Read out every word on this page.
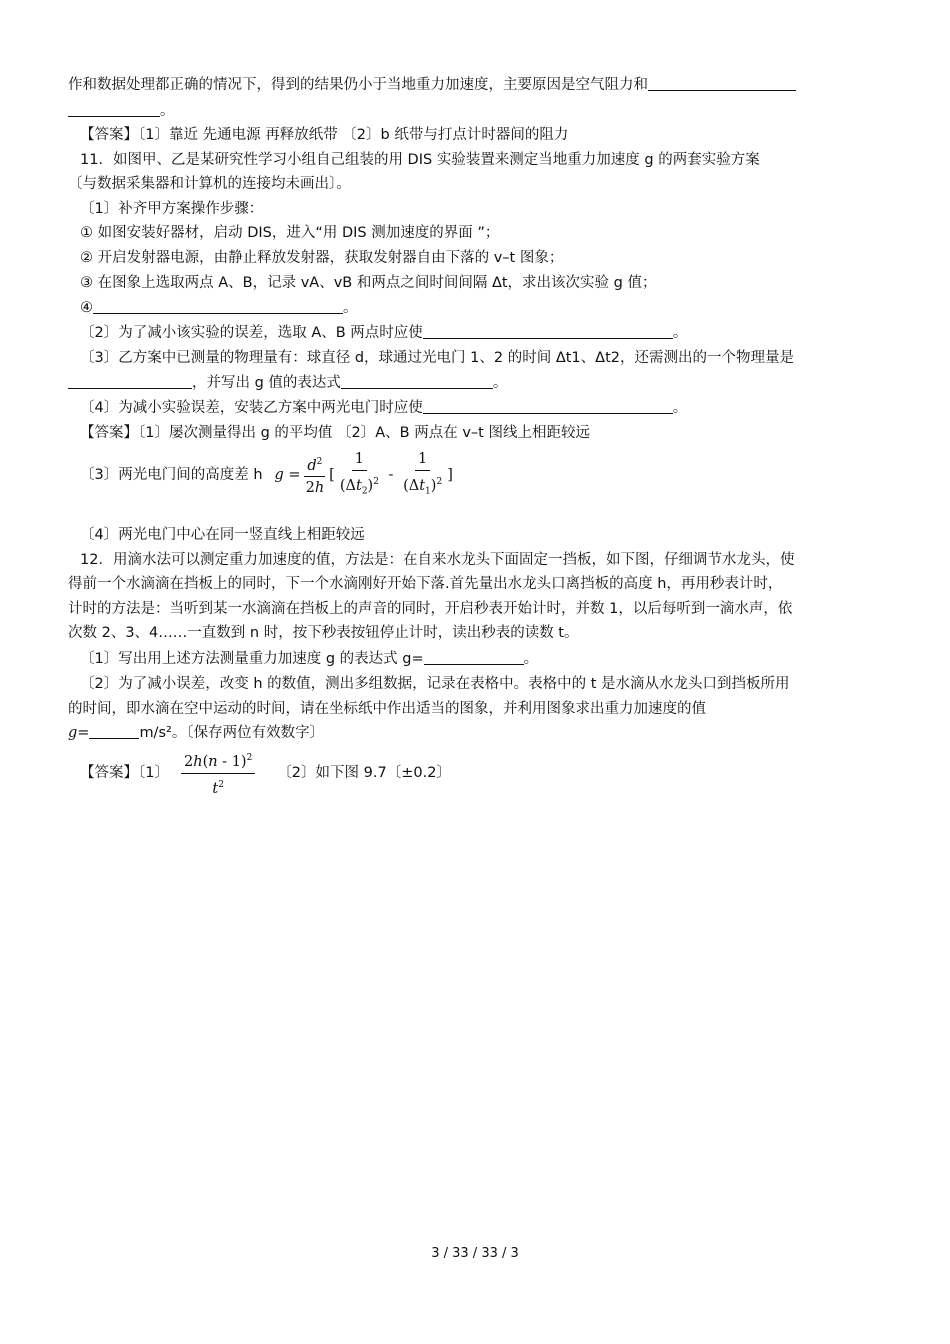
作和数据处理都正确的情况下，得到的结果仍小于当地重力加速度，主要原因是空气阻力和
。
【答案】〔1〕靠近 先通电源 再释放纸带 〔2〕b 纸带与打点计时器间的阻力
11．如图甲、乙是某研究性学习小组自己组装的用 DIS 实验装置来测定当地重力加速度 g 的两套实验方案
〔与数据采集器和计算机的连接均未画出〕。
〔1〕补齐甲方案操作步骤：
① 如图安装好器材，启动 DIS，进入“用 DIS 测加速度的界面 ”；
② 开启发射器电源，由静止释放发射器，获取发射器自由下落的 v–t 图象；
③ 在图象上选取两点 A、B，记录 vA、vB 和两点之间时间间隔 Δt，求出该次实验 g 值；
④	。
〔2〕为了减小该实验的误差，选取 A、B 两点时应使	。
〔3〕乙方案中已测量的物理量有：球直径 d，球通过光电门 1、2 的时间 Δt1、Δt2，还需测出的一个物理量是
，并写出 g 值的表达式	。
〔4〕为减小实验误差，安装乙方案中两光电门时应使	。
【答案】〔1〕屡次测量得出 g 的平均值 〔2〕A、B 两点在 v–t 图线上相距较远
〔3〕两光电门间的高度差 h $g = \frac{d^2}{2h}$ [ $\frac{1}{(\Delta t_2)^2} - \frac{1}{(\Delta t_1)^2}$ ]
〔4〕两光电门中心在同一竖直线上相距较远
12．用滴水法可以测定重力加速度的值，方法是：在自来水龙头下面固定一挡板，如下图，仔细调节水龙头，使
得前一个水滴滴在挡板上的同时，下一个水滴刚好开始下落.首先量出水龙头口离挡板的高度 h，再用秒表计时，
计时的方法是：当听到某一水滴滴在挡板上的声音的同时，开启秒表开始计时，并数 1，以后每听到一滴水声，依
次数 2、3、4……一直数到 n 时，按下秒表按钮停止计时，读出秒表的读数 t。
〔1〕写出用上述方法测量重力加速度 g 的表达式 g=	。
〔2〕为了减小误差，改变 h 的数值，测出多组数据，记录在表格中。表格中的 t 是水滴从水龙头口到挡板所用
的时间，即水滴在空中运动的时间，请在坐标纸中作出适当的图象，并利用图象求出重力加速度的值
g=	m/s²。〔保存两位有效数字〕
【答案】〔1〕 $\frac{2h(n - 1)^2}{t^2}$ 〔2〕如下图 9.7〔±0.2〕
3 / 33 / 33 / 3
